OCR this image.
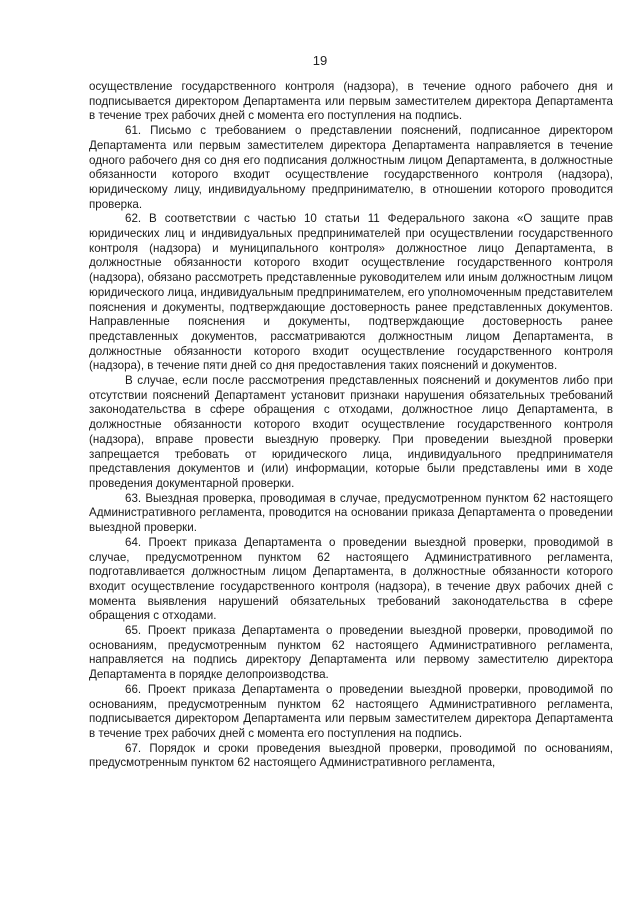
19

осуществление государственного контроля (надзора), в течение одного рабочего дня и подписывается директором Департамента или первым заместителем директора Департамента в течение трех рабочих дней с момента его поступления на подпись.

61. Письмо с требованием о представлении пояснений, подписанное директором Департамента или первым заместителем директора Департамента направляется в течение одного рабочего дня со дня его подписания должностным лицом Департамента, в должностные обязанности которого входит осуществление государственного контроля (надзора), юридическому лицу, индивидуальному предпринимателю, в отношении которого проводится проверка.

62. В соответствии с частью 10 статьи 11 Федерального закона «О защите прав юридических лиц и индивидуальных предпринимателей при осуществлении государственного контроля (надзора) и муниципального контроля» должностное лицо Департамента, в должностные обязанности которого входит осуществление государственного контроля (надзора), обязано рассмотреть представленные руководителем или иным должностным лицом юридического лица, индивидуальным предпринимателем, его уполномоченным представителем пояснения и документы, подтверждающие достоверность ранее представленных документов. Направленные пояснения и документы, подтверждающие достоверность ранее представленных документов, рассматриваются должностным лицом Департамента, в должностные обязанности которого входит осуществление государственного контроля (надзора), в течение пяти дней со дня предоставления таких пояснений и документов.

В случае, если после рассмотрения представленных пояснений и документов либо при отсутствии пояснений Департамент установит признаки нарушения обязательных требований законодательства в сфере обращения с отходами, должностное лицо Департамента, в должностные обязанности которого входит осуществление государственного контроля (надзора), вправе провести выездную проверку. При проведении выездной проверки запрещается требовать от юридического лица, индивидуального предпринимателя представления документов и (или) информации, которые были представлены ими в ходе проведения документарной проверки.

63. Выездная проверка, проводимая в случае, предусмотренном пунктом 62 настоящего Административного регламента, проводится на основании приказа Департамента о проведении выездной проверки.

64. Проект приказа Департамента о проведении выездной проверки, проводимой в случае, предусмотренном пунктом 62 настоящего Административного регламента, подготавливается должностным лицом Департамента, в должностные обязанности которого входит осуществление государственного контроля (надзора), в течение двух рабочих дней с момента выявления нарушений обязательных требований законодательства в сфере обращения с отходами.

65. Проект приказа Департамента о проведении выездной проверки, проводимой по основаниям, предусмотренным пунктом 62 настоящего Административного регламента, направляется на подпись директору Департамента или первому заместителю директора Департамента в порядке делопроизводства.

66. Проект приказа Департамента о проведении выездной проверки, проводимой по основаниям, предусмотренным пунктом 62 настоящего Административного регламента, подписывается директором Департамента или первым заместителем директора Департамента в течение трех рабочих дней с момента его поступления на подпись.

67. Порядок и сроки проведения выездной проверки, проводимой по основаниям, предусмотренным пунктом 62 настоящего Административного регламента,
